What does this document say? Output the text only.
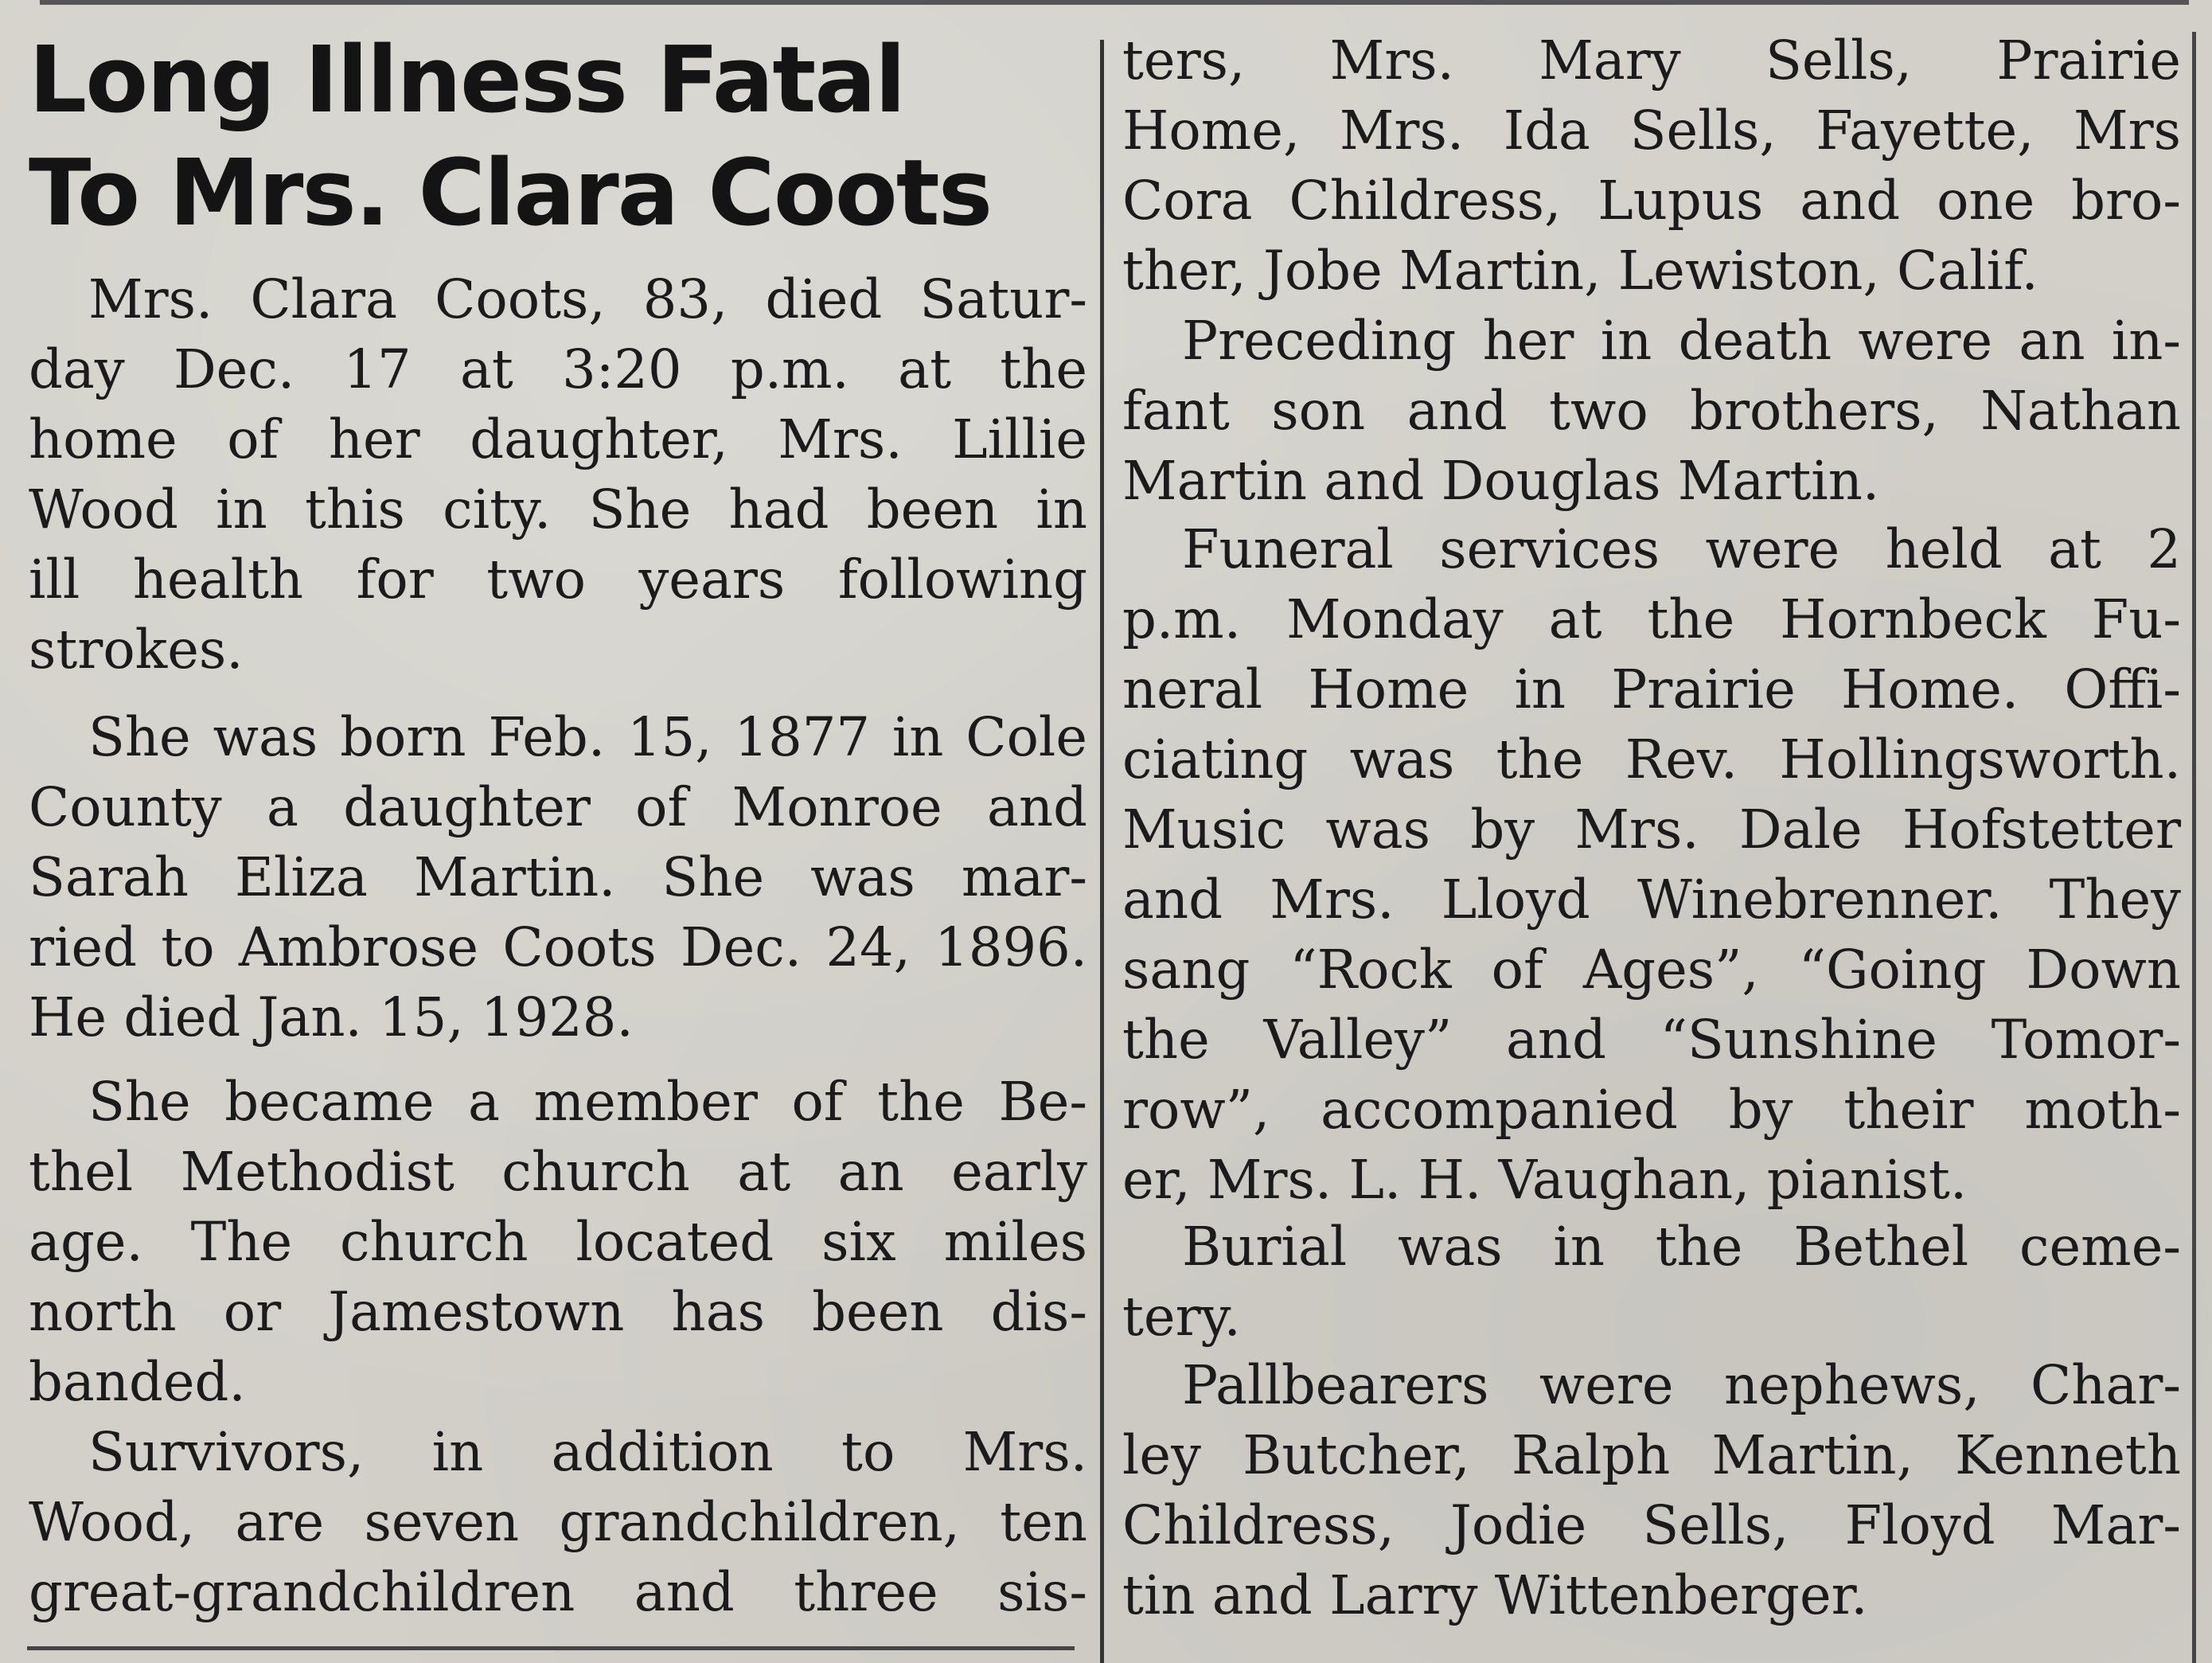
Long Illness Fatal
To Mrs. Clara Coots
Mrs. Clara Coots, 83, died Satur-
day Dec. 17 at 3:20 p.m. at the
home of her daughter, Mrs. Lillie
Wood in this city. She had been in
ill health for two years following
strokes.
She was born Feb. 15, 1877 in Cole
County a daughter of Monroe and
Sarah Eliza Martin. She was mar-
ried to Ambrose Coots Dec. 24, 1896.
He died Jan. 15, 1928.
She became a member of the Be-
thel Methodist church at an early
age. The church located six miles
north or Jamestown has been dis-
banded.
Survivors, in addition to Mrs.
Wood, are seven grandchildren, ten
great-grandchildren and three sis-
ters, Mrs. Mary Sells, Prairie
Home, Mrs. Ida Sells, Fayette, Mrs
Cora Childress, Lupus and one bro-
ther, Jobe Martin, Lewiston, Calif.
Preceding her in death were an in-
fant son and two brothers, Nathan
Martin and Douglas Martin.
Funeral services were held at 2
p.m. Monday at the Hornbeck Fu-
neral Home in Prairie Home. Offi-
ciating was the Rev. Hollingsworth.
Music was by Mrs. Dale Hofstetter
and Mrs. Lloyd Winebrenner. They
sang “Rock of Ages”, “Going Down
the Valley” and “Sunshine Tomor-
row”, accompanied by their moth-
er, Mrs. L. H. Vaughan, pianist.
Burial was in the Bethel ceme-
tery.
Pallbearers were nephews, Char-
ley Butcher, Ralph Martin, Kenneth
Childress, Jodie Sells, Floyd Mar-
tin and Larry Wittenberger.
